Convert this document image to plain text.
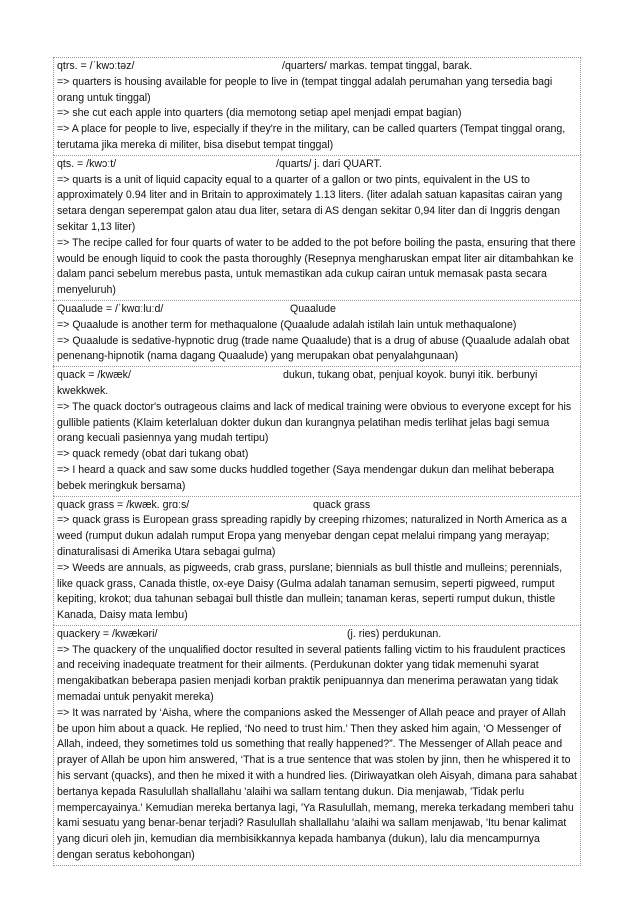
qtrs. = /ˈkwɔːtəz/	/quarters/ markas. tempat tinggal, barak.
=> quarters is housing available for people to live in (tempat tinggal adalah perumahan yang tersedia bagi orang untuk tinggal)
=> she cut each apple into quarters (dia memotong setiap apel menjadi empat bagian)
=> A place for people to live, especially if they're in the military, can be called quarters (Tempat tinggal orang, terutama jika mereka di militer, bisa disebut tempat tinggal)
qts. = /kwɔːt/	/quarts/ j. dari QUART.
=> quarts is a unit of liquid capacity equal to a quarter of a gallon or two pints, equivalent in the US to approximately 0.94 liter and in Britain to approximately 1.13 liters. (liter adalah satuan kapasitas cairan yang setara dengan seperempat galon atau dua liter, setara di AS dengan sekitar 0,94 liter dan di Inggris dengan sekitar 1,13 liter)
=> The recipe called for four quarts of water to be added to the pot before boiling the pasta, ensuring that there would be enough liquid to cook the pasta thoroughly (Resepnya mengharuskan empat liter air ditambahkan ke dalam panci sebelum merebus pasta, untuk memastikan ada cukup cairan untuk memasak pasta secara menyeluruh)
Quaalude = /ˈkwɑːluːd/	Quaalude
=> Quaalude is another term for methaqualone (Quaalude adalah istilah lain untuk methaqualone)
=> Quaalude is sedative-hypnotic drug (trade name Quaalude) that is a drug of abuse (Quaalude adalah obat penenang-hipnotik (nama dagang Quaalude) yang merupakan obat penyalahgunaan)
quack = /kwæk/	dukun, tukang obat, penjual koyok. bunyi itik. berbunyi kwekkwek.
=> The quack doctor's outrageous claims and lack of medical training were obvious to everyone except for his gullible patients (Klaim keterlaluan dokter dukun dan kurangnya pelatihan medis terlihat jelas bagi semua orang kecuali pasiennya yang mudah tertipu)
=> quack remedy (obat dari tukang obat)
=> I heard a quack and saw some ducks huddled together (Saya mendengar dukun dan melihat beberapa bebek meringkuk bersama)
quack grass = /kwæk. ɡrɑːs/	quack grass
=> quack grass is European grass spreading rapidly by creeping rhizomes; naturalized in North America as a weed (rumput dukun adalah rumput Eropa yang menyebar dengan cepat melalui rimpang yang merayap; dinaturalisasi di Amerika Utara sebagai gulma)
=> Weeds are annuals, as pigweeds, crab grass, purslane; biennials as bull thistle and mulleins; perennials, like quack grass, Canada thistle, ox-eye Daisy (Gulma adalah tanaman semusim, seperti pigweed, rumput kepiting, krokot; dua tahunan sebagai bull thistle dan mullein; tanaman keras, seperti rumput dukun, thistle Kanada, Daisy mata lembu)
quackery = /kwækəri/	(j. ries) perdukunan.
=> The quackery of the unqualified doctor resulted in several patients falling victim to his fraudulent practices and receiving inadequate treatment for their ailments. (Perdukunan dokter yang tidak memenuhi syarat mengakibatkan beberapa pasien menjadi korban praktik penipuannya dan menerima perawatan yang tidak memadai untuk penyakit mereka)
=> It was narrated by ‘Aisha, where the companions asked the Messenger of Allah peace and prayer of Allah be upon him about a quack. He replied, ‘No need to trust him.’ Then they asked him again, ‘O Messenger of Allah, indeed, they sometimes told us something that really happened?”. The Messenger of Allah peace and prayer of Allah be upon him answered, ‘That is a true sentence that was stolen by jinn, then he whispered it to his servant (quacks), and then he mixed it with a hundred lies. (Diriwayatkan oleh Aisyah, dimana para sahabat bertanya kepada Rasulullah shallallahu 'alaihi wa sallam tentang dukun. Dia menjawab, 'Tidak perlu mempercayainya.' Kemudian mereka bertanya lagi, 'Ya Rasulullah, memang, mereka terkadang memberi tahu kami sesuatu yang benar-benar terjadi? Rasulullah shallallahu 'alaihi wa sallam menjawab, 'Itu benar kalimat yang dicuri oleh jin, kemudian dia membisikkannya kepada hambanya (dukun), lalu dia mencampurnya dengan seratus kebohongan)
